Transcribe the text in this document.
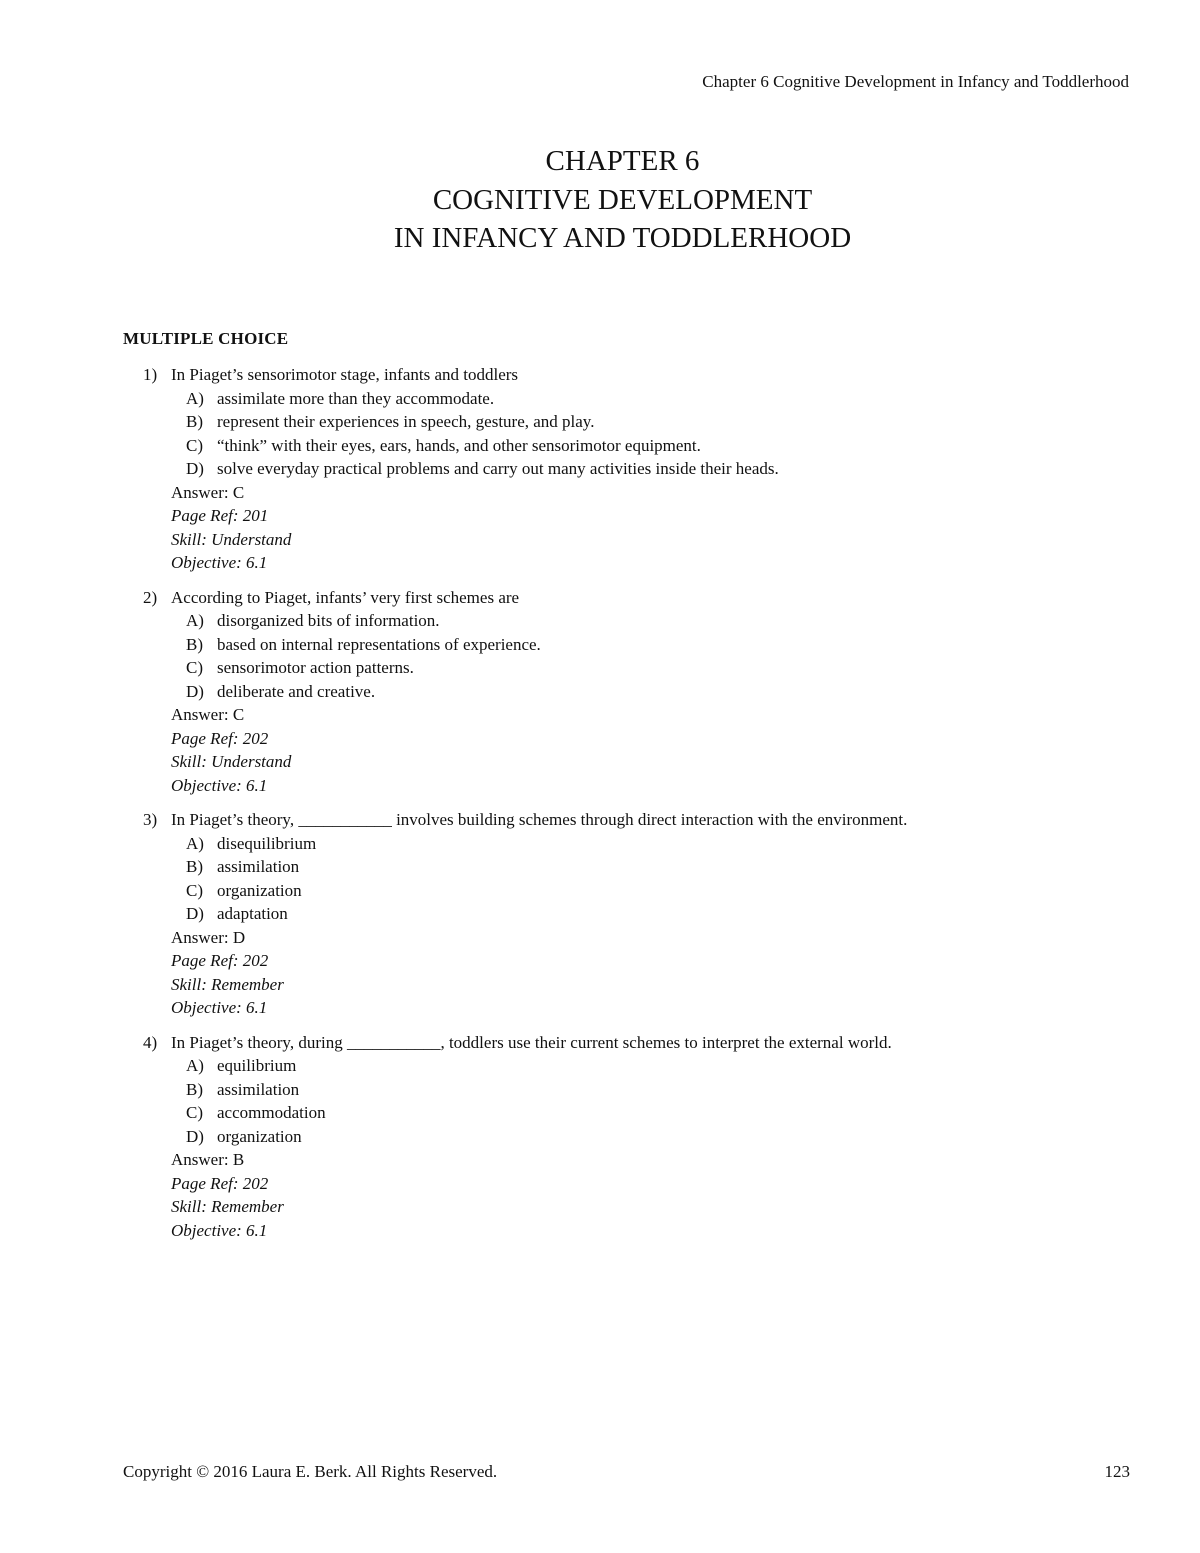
Chapter 6 Cognitive Development in Infancy and Toddlerhood
CHAPTER 6
COGNITIVE DEVELOPMENT
IN INFANCY AND TODDLERHOOD
MULTIPLE CHOICE
1) In Piaget’s sensorimotor stage, infants and toddlers
A) assimilate more than they accommodate.
B) represent their experiences in speech, gesture, and play.
C) “think” with their eyes, ears, hands, and other sensorimotor equipment.
D) solve everyday practical problems and carry out many activities inside their heads.
Answer: C
Page Ref: 201
Skill: Understand
Objective: 6.1
2) According to Piaget, infants’ very first schemes are
A) disorganized bits of information.
B) based on internal representations of experience.
C) sensorimotor action patterns.
D) deliberate and creative.
Answer: C
Page Ref: 202
Skill: Understand
Objective: 6.1
3) In Piaget’s theory, ___________ involves building schemes through direct interaction with the environment.
A) disequilibrium
B) assimilation
C) organization
D) adaptation
Answer: D
Page Ref: 202
Skill: Remember
Objective: 6.1
4) In Piaget’s theory, during ___________, toddlers use their current schemes to interpret the external world.
A) equilibrium
B) assimilation
C) accommodation
D) organization
Answer: B
Page Ref: 202
Skill: Remember
Objective: 6.1
Copyright © 2016 Laura E. Berk. All Rights Reserved.	123
